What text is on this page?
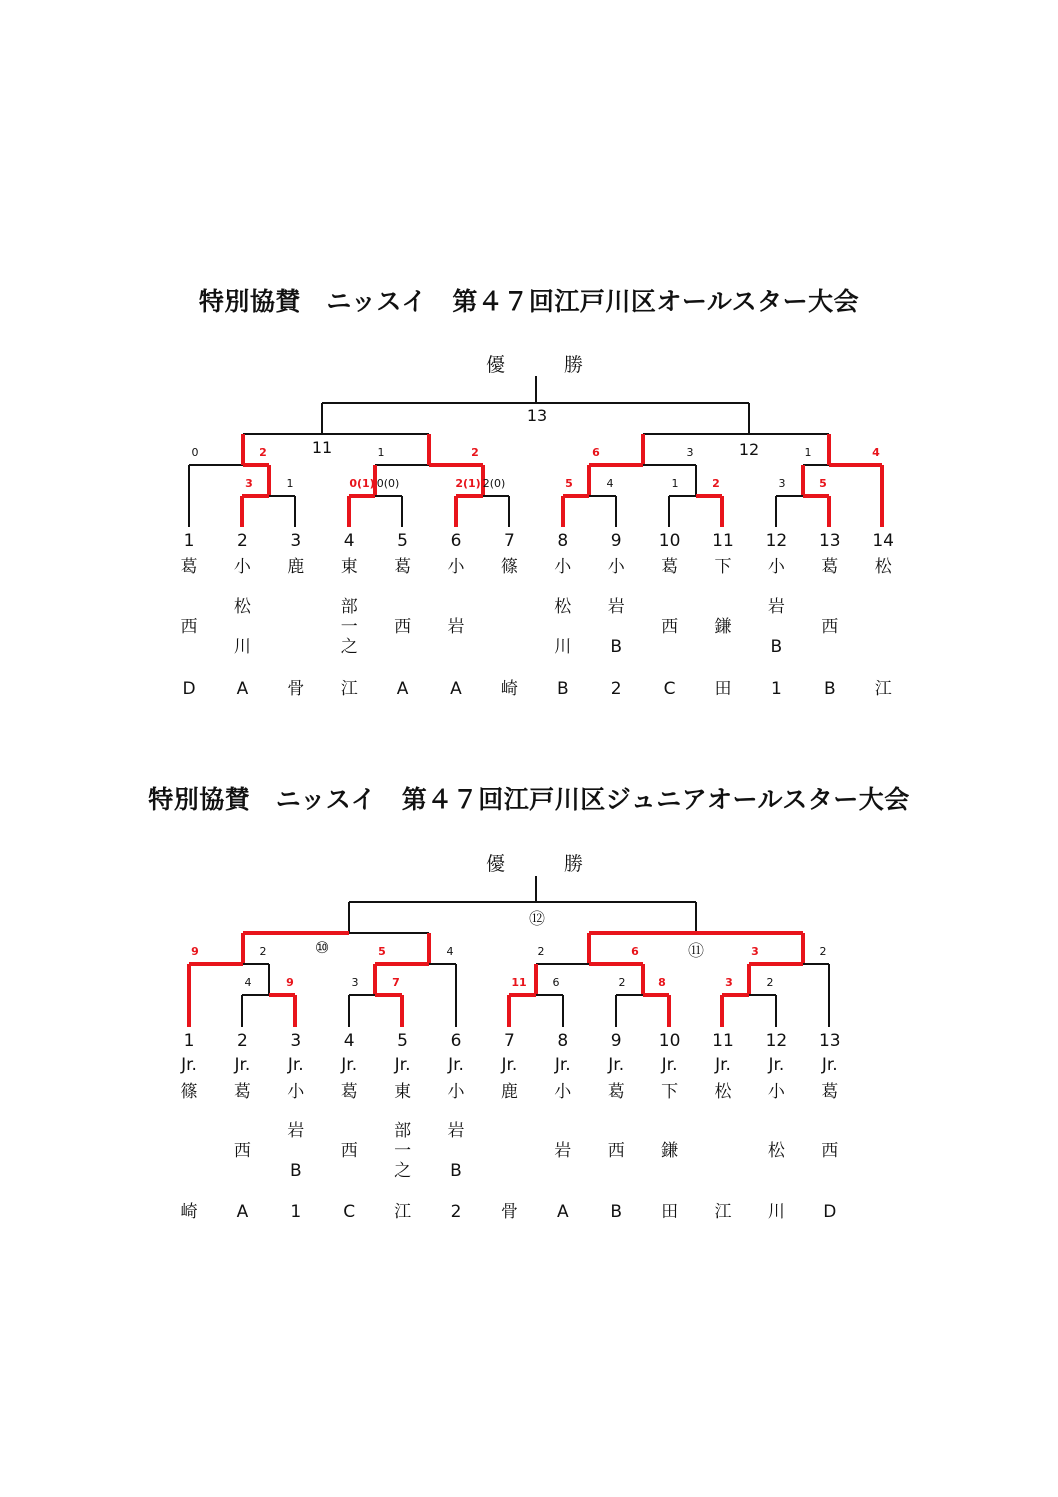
特別協賛　ニッスイ　第４７回江戸川区オールスター大会
優	勝
13
11	12
0	2	1	2	6	3	1	4
3	1	0(1) 0(0)	2(1) 2(0)	5	4	1	2	3	5
1
葛
西
D
2
小
松
川
A
3
鹿
骨
4
東
部
一
之
江
5
葛
西
A
6
小
岩
A
7
篠
崎
8
小
松
川
B
9
小
岩
B
2
10
葛
西
C
11
下
鎌
田
12
小
岩
B
1
13
葛
西
B
14
松
江
特別協賛　ニッスイ　第４７回江戸川区ジュニアオールスター大会
優	勝
⑫
⑩	⑪
9	2	5	4	2	6	3	2
4	9	3	7	11	6	2	8	3	2
1
Jr.
篠
崎
2
Jr.
葛
西
A
3
Jr.
小
岩
B
1
4
Jr.
葛
西
C
5
Jr.
東
部
一
之
江
6
Jr.
小
岩
B
2
7
Jr.
鹿
骨
8
Jr.
小
岩
A
9
Jr.
葛
西
B
10
Jr.
下
鎌
田
11
Jr.
松
江
12
Jr.
小
松
川
13
Jr.
葛
西
D
